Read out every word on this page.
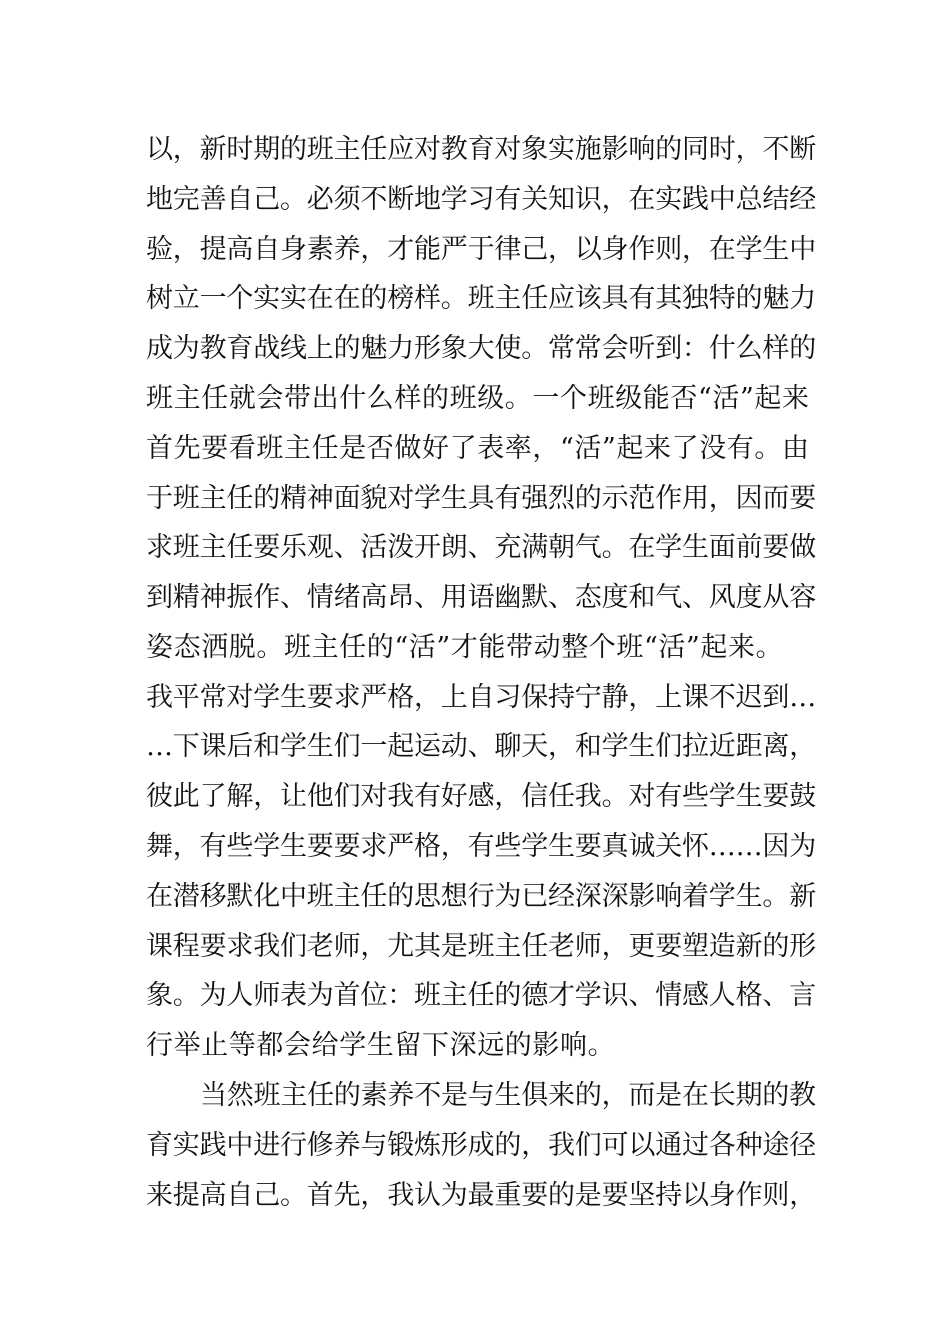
以，新时期的班主任应对教育对象实施影响的同时，不断
地完善自己。必须不断地学习有关知识，在实践中总结经
验，提高自身素养，才能严于律己，以身作则，在学生中
树立一个实实在在的榜样。班主任应该具有其独特的魅力
成为教育战线上的魅力形象大使。常常会听到：什么样的
班主任就会带出什么样的班级。一个班级能否“活”起来
首先要看班主任是否做好了表率，“活”起来了没有。由
于班主任的精神面貌对学生具有强烈的示范作用，因而要
求班主任要乐观、活泼开朗、充满朝气。在学生面前要做
到精神振作、情绪高昂、用语幽默、态度和气、风度从容
姿态洒脱。班主任的“活”才能带动整个班“活”起来。
我平常对学生要求严格，上自习保持宁静，上课不迟到…
…下课后和学生们一起运动、聊天，和学生们拉近距离，
彼此了解，让他们对我有好感，信任我。对有些学生要鼓
舞，有些学生要要求严格，有些学生要真诚关怀……因为
在潜移默化中班主任的思想行为已经深深影响着学生。新
课程要求我们老师，尤其是班主任老师，更要塑造新的形
象。为人师表为首位：班主任的德才学识、情感人格、言
行举止等都会给学生留下深远的影响。
当然班主任的素养不是与生俱来的，而是在长期的教
育实践中进行修养与锻炼形成的，我们可以通过各种途径
来提高自己。首先，我认为最重要的是要坚持以身作则，
